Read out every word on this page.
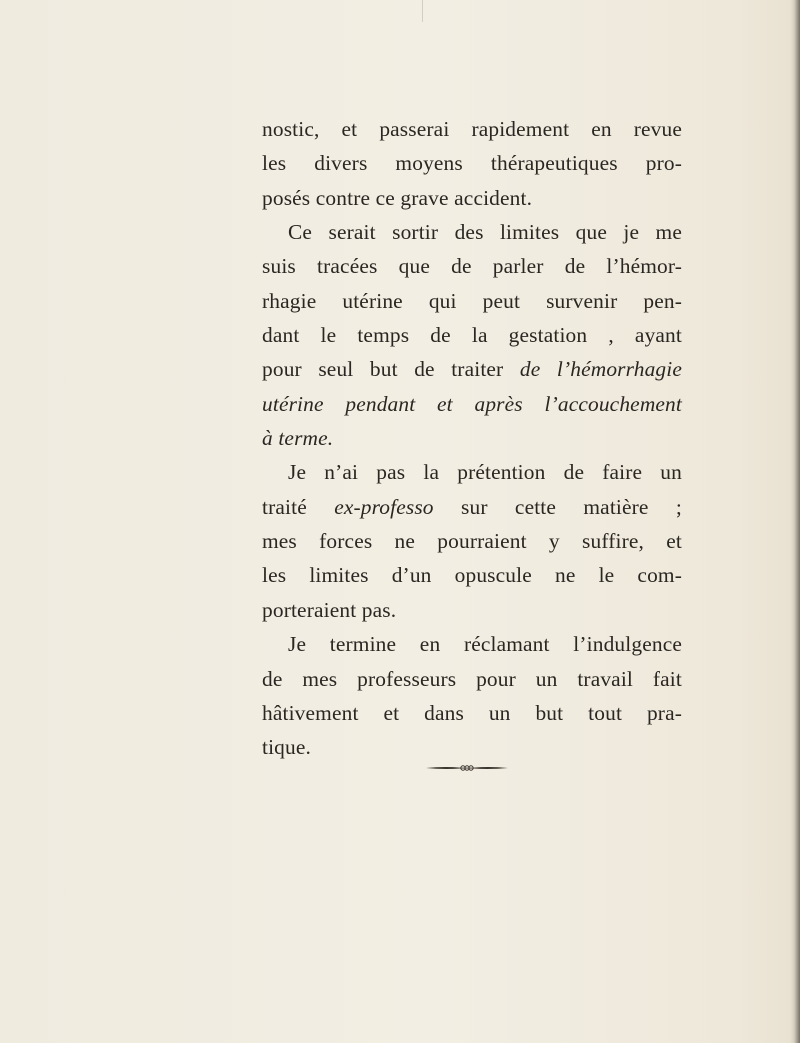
nostic, et passerai rapidement en revue
les divers moyens thérapeutiques pro-
posés contre ce grave accident.
Ce serait sortir des limites que je me
suis tracées que de parler de l’hémor-
rhagie utérine qui peut survenir pen-
dant le temps de la gestation , ayant
pour seul but de traiter de l’hémorrhagie
utérine pendant et après l’accouchement
à terme.
Je n’ai pas la prétention de faire un
traité ex-professo sur cette matière ;
mes forces ne pourraient y suffire, et
les limites d’un opuscule ne le com-
porteraient pas.
Je termine en réclamant l’indulgence
de mes professeurs pour un travail fait
hâtivement et dans un but tout pra-
tique.
